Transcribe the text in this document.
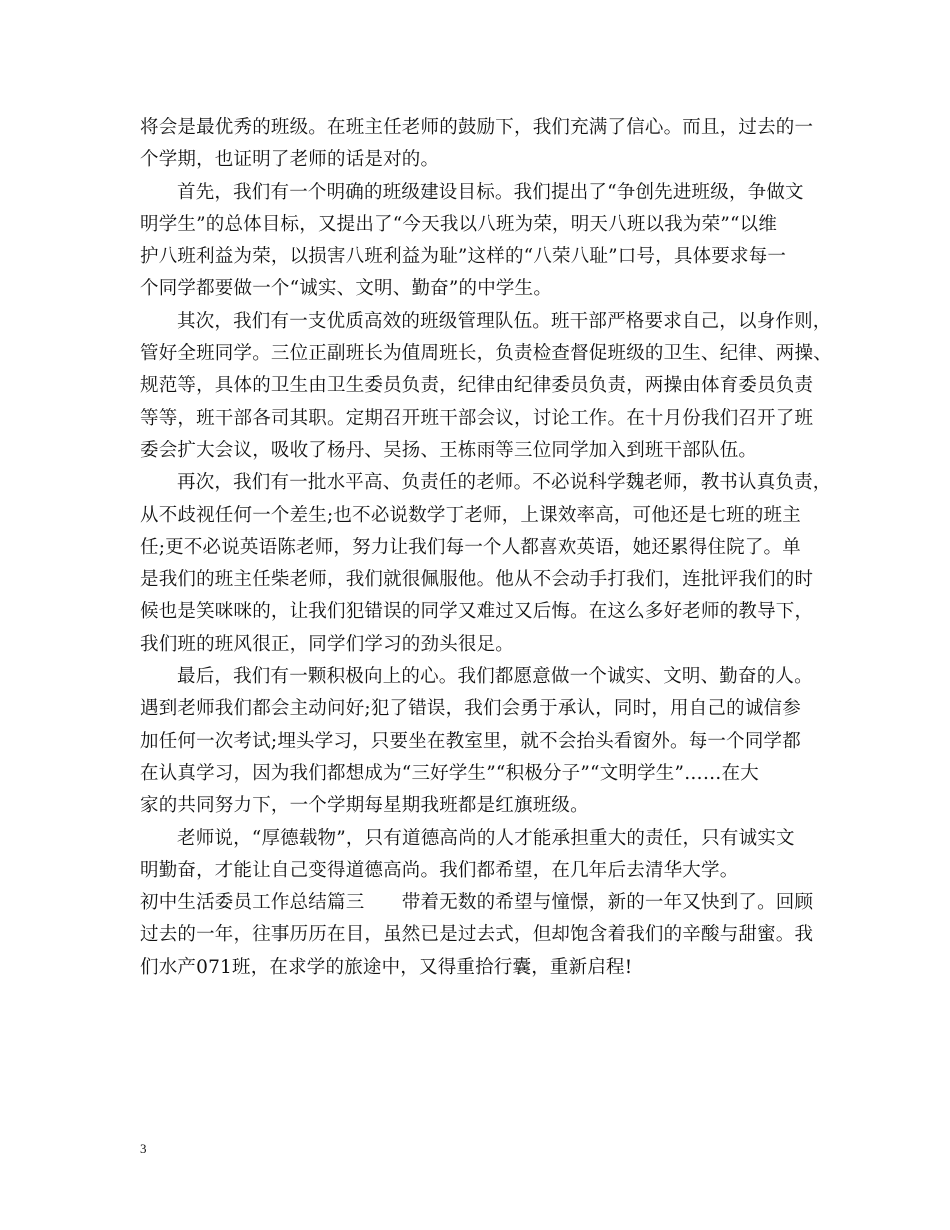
将会是最优秀的班级。在班主任老师的鼓励下，我们充满了信心。而且，过去的一
个学期，也证明了老师的话是对的。
首先，我们有一个明确的班级建设目标。我们提出了“争创先进班级，争做文
明学生”的总体目标，又提出了“今天我以八班为荣，明天八班以我为荣”“以维
护八班利益为荣，以损害八班利益为耻”这样的“八荣八耻”口号，具体要求每一
个同学都要做一个“诚实、文明、勤奋”的中学生。
其次，我们有一支优质高效的班级管理队伍。班干部严格要求自己，以身作则，
管好全班同学。三位正副班长为值周班长，负责检查督促班级的卫生、纪律、两操、
规范等，具体的卫生由卫生委员负责，纪律由纪律委员负责，两操由体育委员负责
等等，班干部各司其职。定期召开班干部会议，讨论工作。在十月份我们召开了班
委会扩大会议，吸收了杨丹、吴扬、王栋雨等三位同学加入到班干部队伍。
再次，我们有一批水平高、负责任的老师。不必说科学魏老师，教书认真负责，
从不歧视任何一个差生;也不必说数学丁老师，上课效率高，可他还是七班的班主
任;更不必说英语陈老师，努力让我们每一个人都喜欢英语，她还累得住院了。单
是我们的班主任柴老师，我们就很佩服他。他从不会动手打我们，连批评我们的时
候也是笑咪咪的，让我们犯错误的同学又难过又后悔。在这么多好老师的教导下，
我们班的班风很正，同学们学习的劲头很足。
最后，我们有一颗积极向上的心。我们都愿意做一个诚实、文明、勤奋的人。
遇到老师我们都会主动问好;犯了错误，我们会勇于承认，同时，用自己的诚信参
加任何一次考试;埋头学习，只要坐在教室里，就不会抬头看窗外。每一个同学都
在认真学习，因为我们都想成为“三好学生”“积极分子”“文明学生”……在大
家的共同努力下，一个学期每星期我班都是红旗班级。
老师说，“厚德载物”，只有道德高尚的人才能承担重大的责任，只有诚实文
明勤奋，才能让自己变得道德高尚。我们都希望，在几年后去清华大学。
初中生活委员工作总结篇三　　带着无数的希望与憧憬，新的一年又快到了。回顾
过去的一年，往事历历在目，虽然已是过去式，但却饱含着我们的辛酸与甜蜜。我
们水产071班，在求学的旅途中，又得重拾行囊，重新启程!
3
